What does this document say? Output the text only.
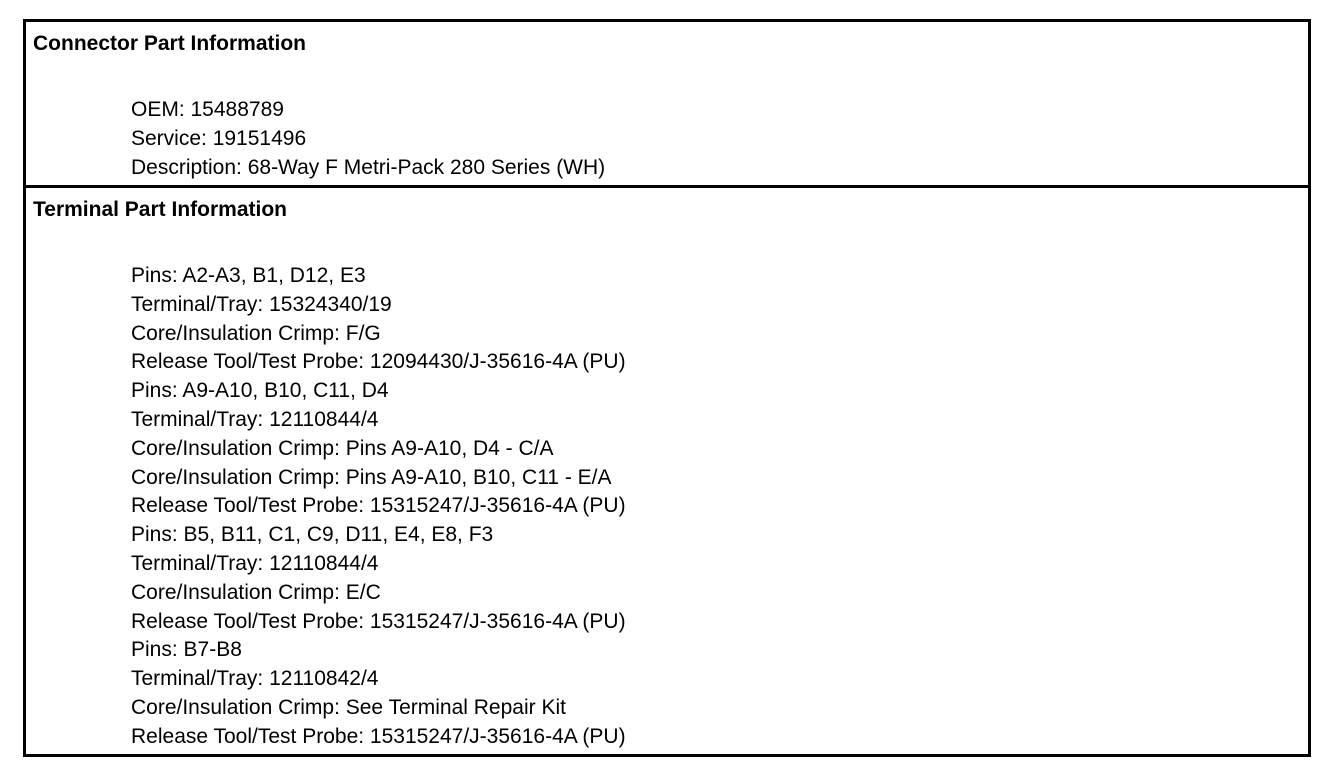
Connector Part Information
OEM: 15488789
Service: 19151496
Description: 68-Way F Metri-Pack 280 Series (WH)
Terminal Part Information
Pins: A2-A3, B1, D12, E3
Terminal/Tray: 15324340/19
Core/Insulation Crimp: F/G
Release Tool/Test Probe: 12094430/J-35616-4A (PU)
Pins: A9-A10, B10, C11, D4
Terminal/Tray: 12110844/4
Core/Insulation Crimp: Pins A9-A10, D4 - C/A
Core/Insulation Crimp: Pins A9-A10, B10, C11 - E/A
Release Tool/Test Probe: 15315247/J-35616-4A (PU)
Pins: B5, B11, C1, C9, D11, E4, E8, F3
Terminal/Tray: 12110844/4
Core/Insulation Crimp: E/C
Release Tool/Test Probe: 15315247/J-35616-4A (PU)
Pins: B7-B8
Terminal/Tray: 12110842/4
Core/Insulation Crimp: See Terminal Repair Kit
Release Tool/Test Probe: 15315247/J-35616-4A (PU)
